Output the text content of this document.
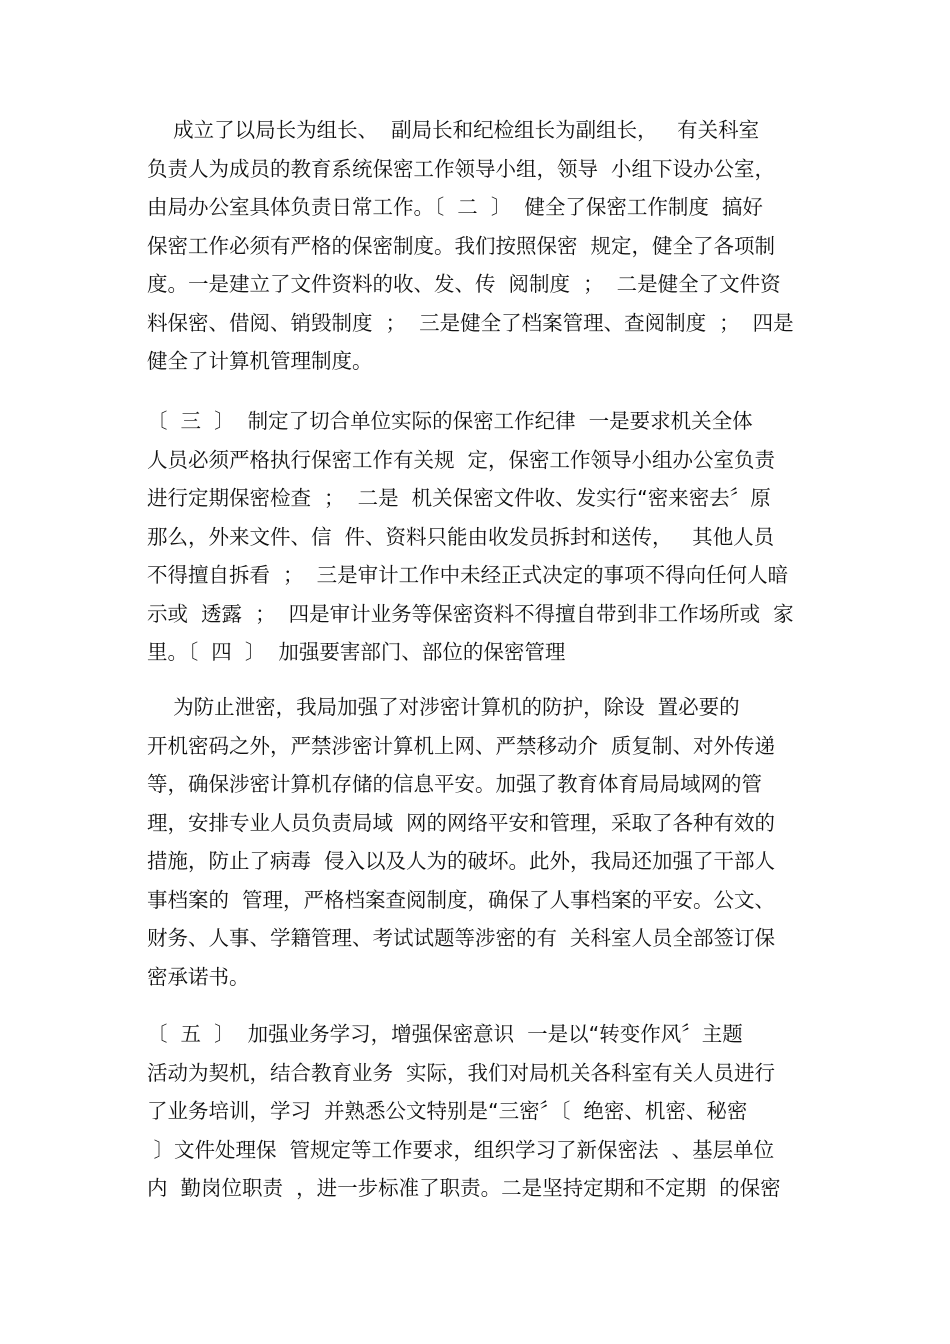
成立了以局长为组长、  副局长和纪检组长为副组长，   有关科室
负责人为成员的教育系统保密工作领导小组，领导  小组下设办公室，
由局办公室具体负责日常工作。〔  二  〕  健全了保密工作制度  搞好
保密工作必须有严格的保密制度。我们按照保密  规定，健全了各项制
度。一是建立了文件资料的收、发、传  阅制度  ；  二是健全了文件资
料保密、借阅、销毁制度  ；  三是健全了档案管理、查阅制度  ；  四是
健全了计算机管理制度。
〔  三  〕  制定了切合单位实际的保密工作纪律  一是要求机关全体
人员必须严格执行保密工作有关规  定，保密工作领导小组办公室负责
进行定期保密检查  ；  二是  机关保密文件收、发实行“密来密去〞原
那么，外来文件、信  件、资料只能由收发员拆封和送传，   其他人员
不得擅自拆看  ；  三是审计工作中未经正式决定的事项不得向任何人暗
示或  透露  ；  四是审计业务等保密资料不得擅自带到非工作场所或  家
里。〔  四  〕  加强要害部门、部位的保密管理
为防止泄密，我局加强了对涉密计算机的防护，除设  置必要的
开机密码之外，严禁涉密计算机上网、严禁移动介  质复制、对外传递
等，确保涉密计算机存储的信息平安。加强了教育体育局局域网的管
理，安排专业人员负责局域  网的网络平安和管理，采取了各种有效的
措施，防止了病毒  侵入以及人为的破坏。此外，我局还加强了干部人
事档案的  管理，严格档案查阅制度，确保了人事档案的平安。公文、
财务、人事、学籍管理、考试试题等涉密的有  关科室人员全部签订保
密承诺书。
〔  五  〕  加强业务学习，增强保密意识  一是以“转变作风〞主题
活动为契机，结合教育业务  实际，我们对局机关各科室有关人员进行
了业务培训，学习  并熟悉公文特别是“三密〞〔  绝密、机密、秘密
〕文件处理保  管规定等工作要求，组织学习了新保密法  、基层单位
内  勤岗位职责  ，进一步标准了职责。二是坚持定期和不定期  的保密
